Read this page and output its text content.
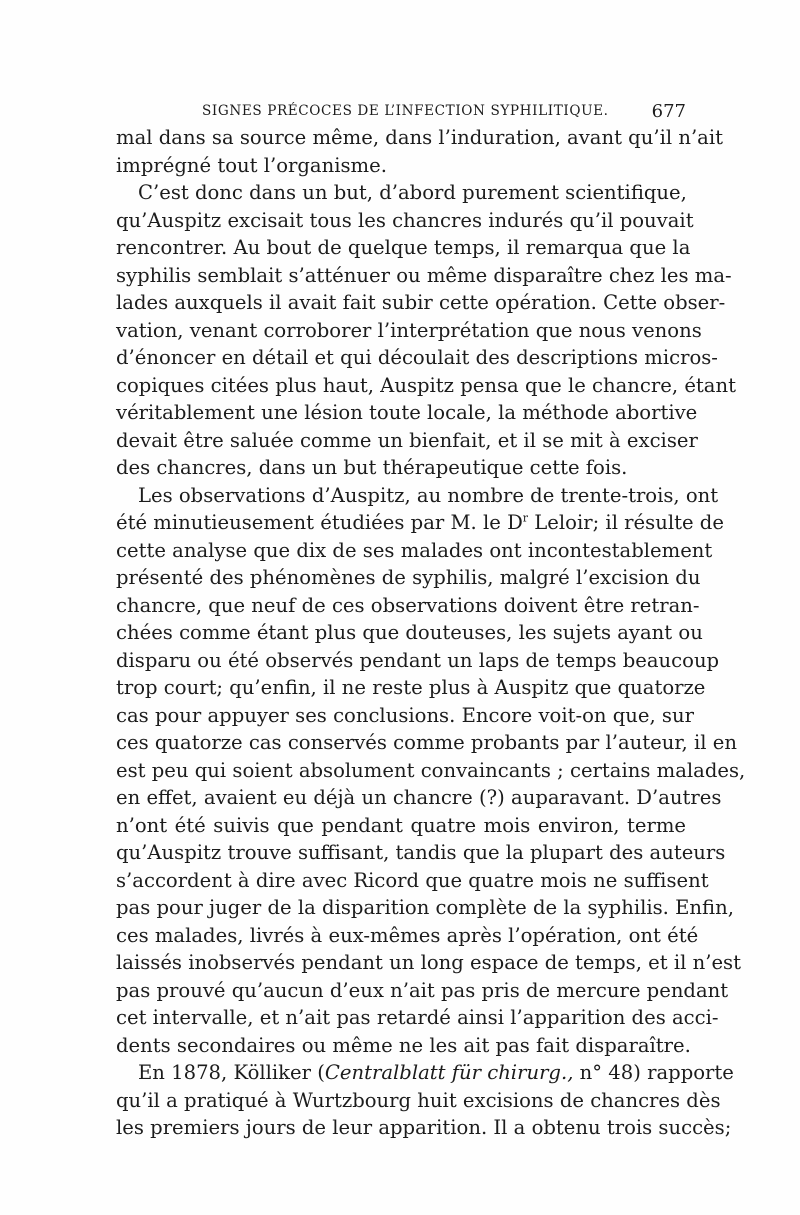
SIGNES PRÉCOCES DE L’INFECTION SYPHILITIQUE. 677
mal dans sa source même, dans l’induration, avant qu’il n’ait
imprégné tout l’organisme.
C’est donc dans un but, d’abord purement scientifique,
qu’Auspitz excisait tous les chancres indurés qu’il pouvait
rencontrer. Au bout de quelque temps, il remarqua que la
syphilis semblait s’atténuer ou même disparaître chez les ma-
lades auxquels il avait fait subir cette opération. Cette obser-
vation, venant corroborer l’interprétation que nous venons
d’énoncer en détail et qui découlait des descriptions micros-
copiques citées plus haut, Auspitz pensa que le chancre, étant
véritablement une lésion toute locale, la méthode abortive
devait être saluée comme un bienfait, et il se mit à exciser
des chancres, dans un but thérapeutique cette fois.
Les observations d’Auspitz, au nombre de trente-trois, ont
été minutieusement étudiées par M. le $D^r$ Leloir; il résulte de
cette analyse que dix de ses malades ont incontestablement
présenté des phénomènes de syphilis, malgré l’excision du
chancre, que neuf de ces observations doivent être retran-
chées comme étant plus que douteuses, les sujets ayant ou
disparu ou été observés pendant un laps de temps beaucoup
trop court; qu’enfin, il ne reste plus à Auspitz que quatorze
cas pour appuyer ses conclusions. Encore voit-on que, sur
ces quatorze cas conservés comme probants par l’auteur, il en
est peu qui soient absolument convaincants ; certains malades,
en effet, avaient eu déjà un chancre (?) auparavant. D’autres
n’ont été suivis que pendant quatre mois environ, terme
qu’Auspitz trouve suffisant, tandis que la plupart des auteurs
s’accordent à dire avec Ricord que quatre mois ne suffisent
pas pour juger de la disparition complète de la syphilis. Enfin,
ces malades, livrés à eux-mêmes après l’opération, ont été
laissés inobservés pendant un long espace de temps, et il n’est
pas prouvé qu’aucun d’eux n’ait pas pris de mercure pendant
cet intervalle, et n’ait pas retardé ainsi l’apparition des acci-
dents secondaires ou même ne les ait pas fait disparaître.
En 1878, Kölliker (Centralblatt für chirurg., n° 48) rapporte
qu’il a pratiqué à Wurtzbourg huit excisions de chancres dès
les premiers jours de leur apparition. Il a obtenu trois succès;
